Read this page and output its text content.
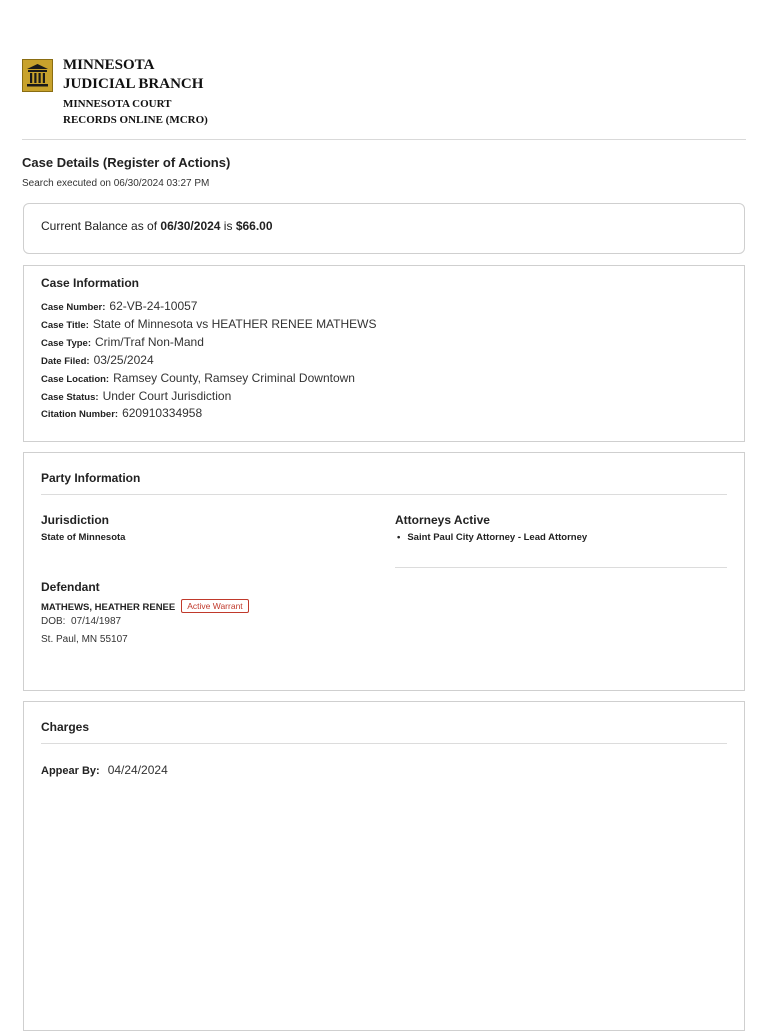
MINNESOTA
JUDICIAL BRANCH
MINNESOTA COURT
RECORDS ONLINE (MCRO)
Case Details (Register of Actions)
Search executed on 06/30/2024 03:27 PM
Current Balance as of 06/30/2024 is $66.00
Case Information
Case Number: 62-VB-24-10057
Case Title: State of Minnesota vs HEATHER RENEE MATHEWS
Case Type: Crim/Traf Non-Mand
Date Filed: 03/25/2024
Case Location: Ramsey County, Ramsey Criminal Downtown
Case Status: Under Court Jurisdiction
Citation Number: 620910334958
Party Information
Jurisdiction
State of Minnesota
Attorneys Active
• Saint Paul City Attorney - Lead Attorney
Defendant
MATHEWS, HEATHER RENEE Active Warrant
DOB: 07/14/1987
St. Paul, MN 55107
Charges
Appear By: 04/24/2024
